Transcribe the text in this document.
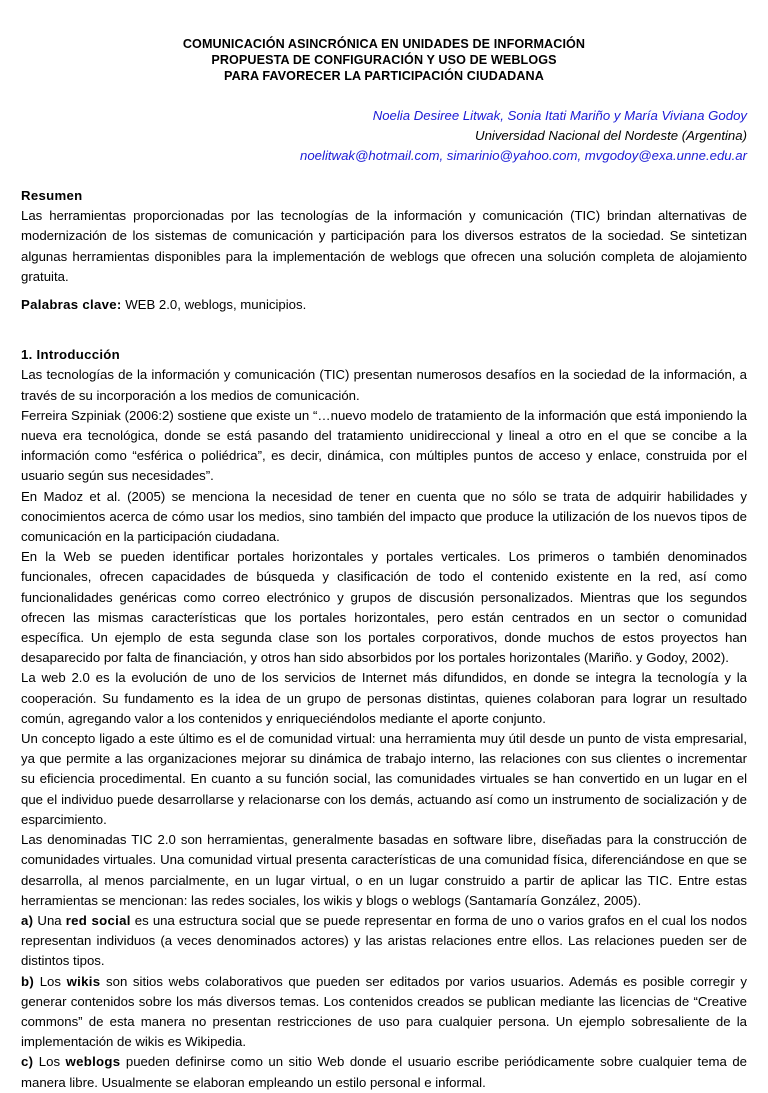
COMUNICACIÓN ASINCRÓNICA EN UNIDADES DE INFORMACIÓN
PROPUESTA DE CONFIGURACIÓN Y USO DE WEBLOGS
PARA FAVORECER LA PARTICIPACIÓN CIUDADANA
Noelia Desiree Litwak, Sonia Itati Mariño y María Viviana Godoy
Universidad Nacional del Nordeste (Argentina)
noelitwak@hotmail.com, simarinio@yahoo.com, mvgodoy@exa.unne.edu.ar
Resumen
Las herramientas proporcionadas por las tecnologías de la información y comunicación (TIC) brindan alternativas de modernización de los sistemas de comunicación y participación para los diversos estratos de la sociedad. Se sintetizan algunas herramientas disponibles para la implementación de weblogs que ofrecen una solución completa de alojamiento gratuita.
Palabras clave: WEB 2.0, weblogs, municipios.
1. Introducción
Las tecnologías de la información y comunicación (TIC) presentan numerosos desafíos en la sociedad de la información, a través de su incorporación a los medios de comunicación.
Ferreira Szpiniak (2006:2) sostiene que existe un “…nuevo modelo de tratamiento de la información que está imponiendo la nueva era tecnológica, donde se está pasando del tratamiento unidireccional y lineal a otro en el que se concibe a la información como “esférica o poliédrica”, es decir, dinámica, con múltiples puntos de acceso y enlace, construida por el usuario según sus necesidades”.
En Madoz et al. (2005) se menciona la necesidad de tener en cuenta que no sólo se trata de adquirir habilidades y conocimientos acerca de cómo usar los medios, sino también del impacto que produce la utilización de los nuevos tipos de comunicación en la participación ciudadana.
En la Web se pueden identificar portales horizontales y portales verticales. Los primeros o también denominados funcionales, ofrecen capacidades de búsqueda y clasificación de todo el contenido existente en la red, así como funcionalidades genéricas como correo electrónico y grupos de discusión personalizados. Mientras que los segundos ofrecen las mismas características que los portales horizontales, pero están centrados en un sector o comunidad específica. Un ejemplo de esta segunda clase son los portales corporativos, donde muchos de estos proyectos han desaparecido por falta de financiación, y otros han sido absorbidos por los portales horizontales (Mariño. y Godoy, 2002).
La web 2.0 es la evolución de uno de los servicios de Internet más difundidos, en donde se integra la tecnología y la cooperación. Su fundamento es la idea de un grupo de personas distintas, quienes colaboran para lograr un resultado común, agregando valor a los contenidos y enriqueciéndolos mediante el aporte conjunto.
Un concepto ligado a este último es el de comunidad virtual: una herramienta muy útil desde un punto de vista empresarial, ya que permite a las organizaciones mejorar su dinámica de trabajo interno, las relaciones con sus clientes o incrementar su eficiencia procedimental. En cuanto a su función social, las comunidades virtuales se han convertido en un lugar en el que el individuo puede desarrollarse y relacionarse con los demás, actuando así como un instrumento de socialización y de esparcimiento.
Las denominadas TIC 2.0 son herramientas, generalmente basadas en software libre, diseñadas para la construcción de comunidades virtuales. Una comunidad virtual presenta características de una comunidad física, diferenciándose en que se desarrolla, al menos parcialmente, en un lugar virtual, o en un lugar construido a partir de aplicar las TIC. Entre estas herramientas se mencionan: las redes sociales, los wikis y blogs o weblogs (Santamaría González, 2005).
a) Una red social es una estructura social que se puede representar en forma de uno o varios grafos en el cual los nodos representan individuos (a veces denominados actores) y las aristas relaciones entre ellos. Las relaciones pueden ser de distintos tipos.
b) Los wikis son sitios webs colaborativos que pueden ser editados por varios usuarios. Además es posible corregir y generar contenidos sobre los más diversos temas. Los contenidos creados se publican mediante las licencias de “Creative commons” de esta manera no presentan restricciones de uso para cualquier persona. Un ejemplo sobresaliente de la implementación de wikis es Wikipedia.
c) Los weblogs pueden definirse como un sitio Web donde el usuario escribe periódicamente sobre cualquier tema de manera libre. Usualmente se elaboran empleando un estilo personal e informal.
